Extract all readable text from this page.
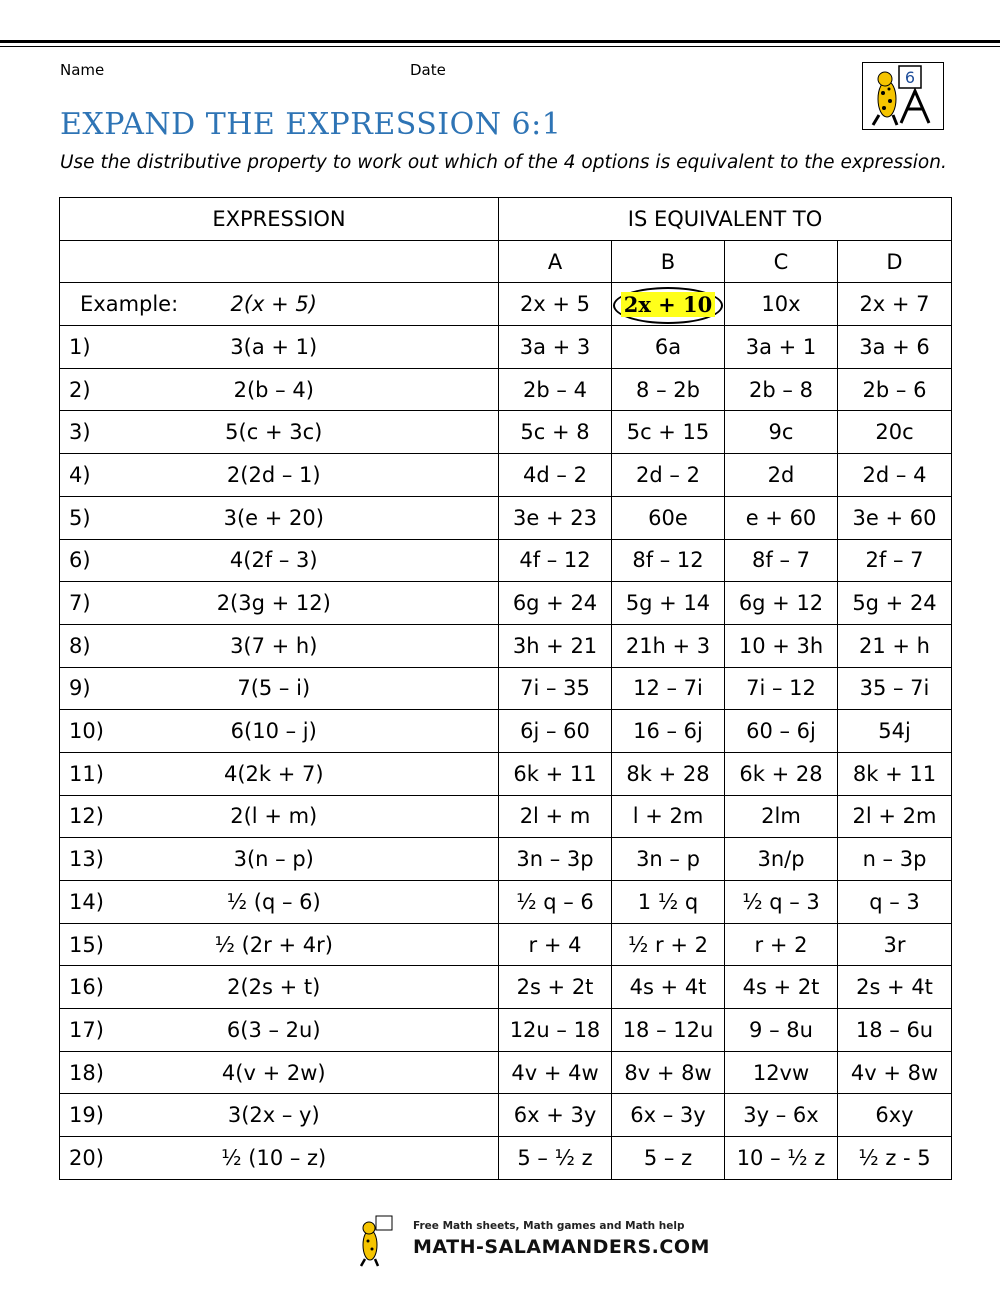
Name	Date
EXPAND THE EXPRESSION 6:1
Use the distributive property to work out which of the 4 options is equivalent to the expression.
6
EXPRESSION		IS EQUIVALENT TO			
		A	B	C	D
Example:	2(x + 5)	2x + 5	2x + 10	10x	2x + 7
1)	3(a + 1)	3a + 3	6a	3a + 1	3a + 6
2)	2(b – 4)	2b – 4	8 – 2b	2b – 8	2b – 6
3)	5(c + 3c)	5c + 8	5c + 15	9c	20c
4)	2(2d – 1)	4d – 2	2d – 2	2d	2d – 4
5)	3(e + 20)	3e + 23	60e	e + 60	3e + 60
6)	4(2f – 3)	4f – 12	8f – 12	8f – 7	2f – 7
7)	2(3g + 12)	6g + 24	5g + 14	6g + 12	5g + 24
8)	3(7 + h)	3h + 21	21h + 3	10 + 3h	21 + h
9)	7(5 – i)	7i – 35	12 – 7i	7i – 12	35 – 7i
10)	6(10 – j)	6j – 60	16 – 6j	60 – 6j	54j
11)	4(2k + 7)	6k + 11	8k + 28	6k + 28	8k + 11
12)	2(l + m)	2l + m	l + 2m	2lm	2l + 2m
13)	3(n – p)	3n – 3p	3n – p	3n/p	n – 3p
14)	½ (q – 6)	½ q – 6	1 ½ q	½ q – 3	q – 3
15)	½ (2r + 4r)	r + 4	½ r + 2	r + 2	3r
16)	2(2s + t)	2s + 2t	4s + 4t	4s + 2t	2s + 4t
17)	6(3 – 2u)	12u – 18	18 – 12u	9 – 8u	18 – 6u
18)	4(v + 2w)	4v + 4w	8v + 8w	12vw	4v + 8w
19)	3(2x – y)	6x + 3y	6x – 3y	3y – 6x	6xy
20)	½ (10 – z)	5 – ½ z	5 – z	10 – ½ z	½ z - 5
Free Math sheets, Math games and Math help
MATH-SALAMANDERS.COM
